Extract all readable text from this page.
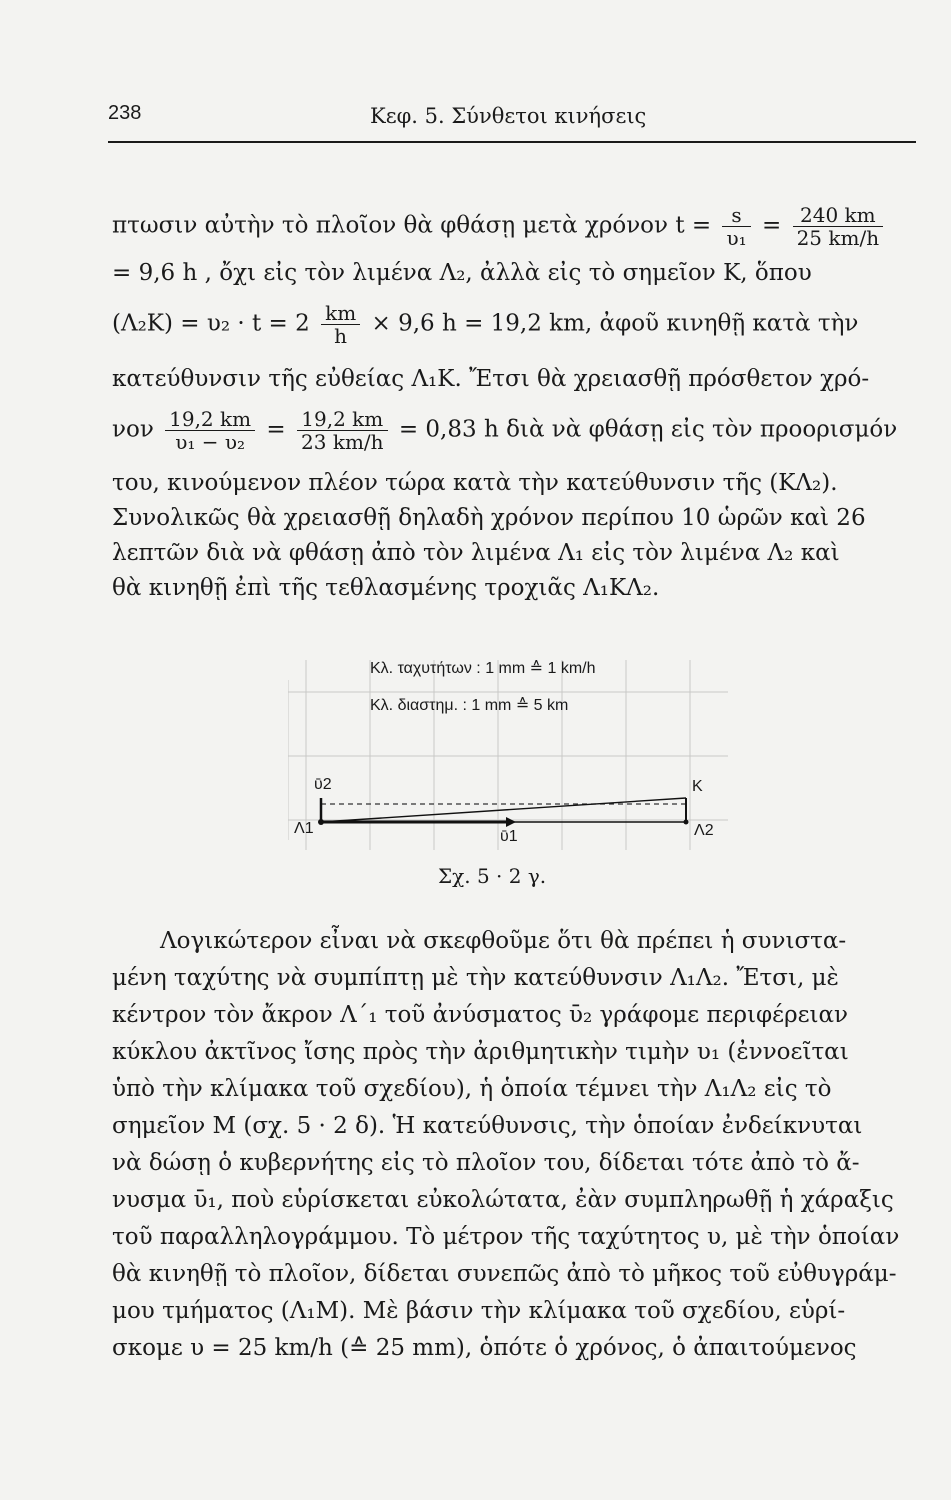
238	Κεφ. 5. Σύνθετοι κινήσεις
πτωσιν αὐτὴν τὸ πλοῖον θὰ φθάσῃ μετὰ χρόνον $t = \frac{s}{\text{υ₁}} = \frac{240 km}{25 km/h}$
= 9,6 h , ὄχι εἰς τὸν λιμένα Λ₂, ἀλλὰ εἰς τὸ σημεῖον Κ, ὅπου
$(\Lambda_2K) = \upsilon_2 \cdot t = 2 \frac{km}{h} \times 9,6$ h = 19,2 km, ἀφοῦ κινηθῇ κατὰ τὴν
κατεύθυνσιν τῆς εὐθείας Λ₁Κ. Ἔτσι θὰ χρειασθῇ πρόσθετον χρό-
νον $\frac{19,2 km}{\text{υ₁ − υ₂}} = \frac{19,2 km}{23 km/h} = 0,83$ h διὰ νὰ φθάσῃ εἰς τὸν προορισμόν
του, κινούμενον πλέον τώρα κατὰ τὴν κατεύθυνσιν τῆς (ΚΛ₂).
Συνολικῶς θὰ χρειασθῇ δηλαδὴ χρόνον περίπου 10 ὡρῶν καὶ 26
λεπτῶν διὰ νὰ φθάσῃ ἀπὸ τὸν λιμένα Λ₁ εἰς τὸν λιμένα Λ₂ καὶ
θὰ κινηθῇ ἐπὶ τῆς τεθλασμένης τροχιᾶς Λ₁ΚΛ₂.
Κλ. ταχυτήτων : 1 mm ≙ 1 km/h
Κλ. διαστημ. : 1 mm ≙ 5 km
ῡ2	K
Λ1	ῡ1	Λ2
Σχ. 5 · 2 γ.
Λογικώτερον εἶναι νὰ σκεφθοῦμε ὅτι θὰ πρέπει ἡ συνιστα-
μένη ταχύτης νὰ συμπίπτῃ μὲ τὴν κατεύθυνσιν Λ₁Λ₂. Ἔτσι, μὲ
κέντρον τὸν ἄκρον Λ΄₁ τοῦ ἀνύσματος ῡ₂ γράφομε περιφέρειαν
κύκλου ἀκτῖνος ἴσης πρὸς τὴν ἀριθμητικὴν τιμὴν υ₁ (ἐννοεῖται
ὑπὸ τὴν κλίμακα τοῦ σχεδίου), ἡ ὁποία τέμνει τὴν Λ₁Λ₂ εἰς τὸ
σημεῖον Μ (σχ. 5 · 2 δ). Ἡ κατεύθυνσις, τὴν ὁποίαν ἐνδείκνυται
νὰ δώσῃ ὁ κυβερνήτης εἰς τὸ πλοῖον του, δίδεται τότε ἀπὸ τὸ ἄ-
νυσμα ῡ₁, ποὺ εὑρίσκεται εὐκολώτατα, ἐὰν συμπληρωθῇ ἡ χάραξις
τοῦ παραλληλογράμμου. Τὸ μέτρον τῆς ταχύτητος υ, μὲ τὴν ὁποίαν
θὰ κινηθῇ τὸ πλοῖον, δίδεται συνεπῶς ἀπὸ τὸ μῆκος τοῦ εὐθυγράμ-
μου τμήματος (Λ₁Μ). Μὲ βάσιν τὴν κλίμακα τοῦ σχεδίου, εὑρί-
σκομε υ = 25 km/h (≙ 25 mm), ὁπότε ὁ χρόνος, ὁ ἀπαιτούμενος
